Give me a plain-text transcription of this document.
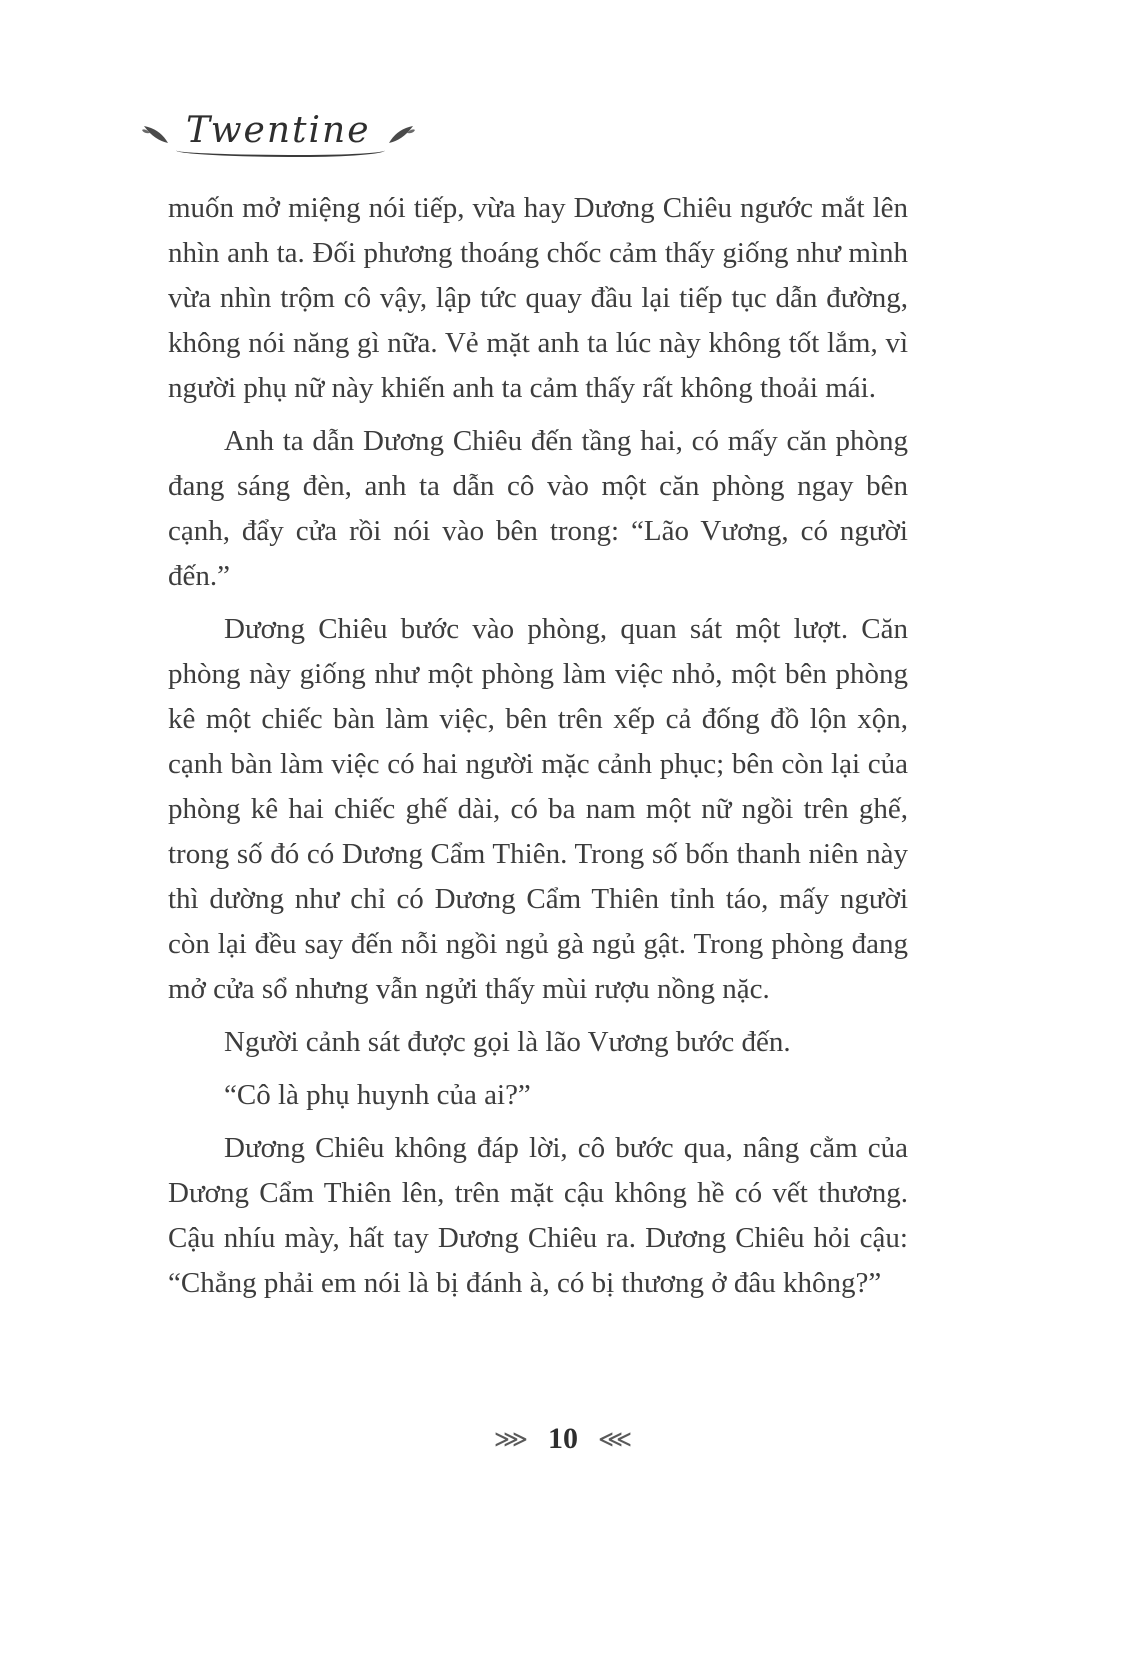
Twentine

muốn mở miệng nói tiếp, vừa hay Dương Chiêu ngước mắt lên nhìn anh ta. Đối phương thoáng chốc cảm thấy giống như mình vừa nhìn trộm cô vậy, lập tức quay đầu lại tiếp tục dẫn đường, không nói năng gì nữa. Vẻ mặt anh ta lúc này không tốt lắm, vì người phụ nữ này khiến anh ta cảm thấy rất không thoải mái.

Anh ta dẫn Dương Chiêu đến tầng hai, có mấy căn phòng đang sáng đèn, anh ta dẫn cô vào một căn phòng ngay bên cạnh, đẩy cửa rồi nói vào bên trong: “Lão Vương, có người đến.”

Dương Chiêu bước vào phòng, quan sát một lượt. Căn phòng này giống như một phòng làm việc nhỏ, một bên phòng kê một chiếc bàn làm việc, bên trên xếp cả đống đồ lộn xộn, cạnh bàn làm việc có hai người mặc cảnh phục; bên còn lại của phòng kê hai chiếc ghế dài, có ba nam một nữ ngồi trên ghế, trong số đó có Dương Cẩm Thiên. Trong số bốn thanh niên này thì dường như chỉ có Dương Cẩm Thiên tỉnh táo, mấy người còn lại đều say đến nỗi ngồi ngủ gà ngủ gật. Trong phòng đang mở cửa sổ nhưng vẫn ngửi thấy mùi rượu nồng nặc.

Người cảnh sát được gọi là lão Vương bước đến.

“Cô là phụ huynh của ai?”

Dương Chiêu không đáp lời, cô bước qua, nâng cằm của Dương Cẩm Thiên lên, trên mặt cậu không hề có vết thương. Cậu nhíu mày, hất tay Dương Chiêu ra. Dương Chiêu hỏi cậu: “Chẳng phải em nói là bị đánh à, có bị thương ở đâu không?”

⋙ 10 ⋘
